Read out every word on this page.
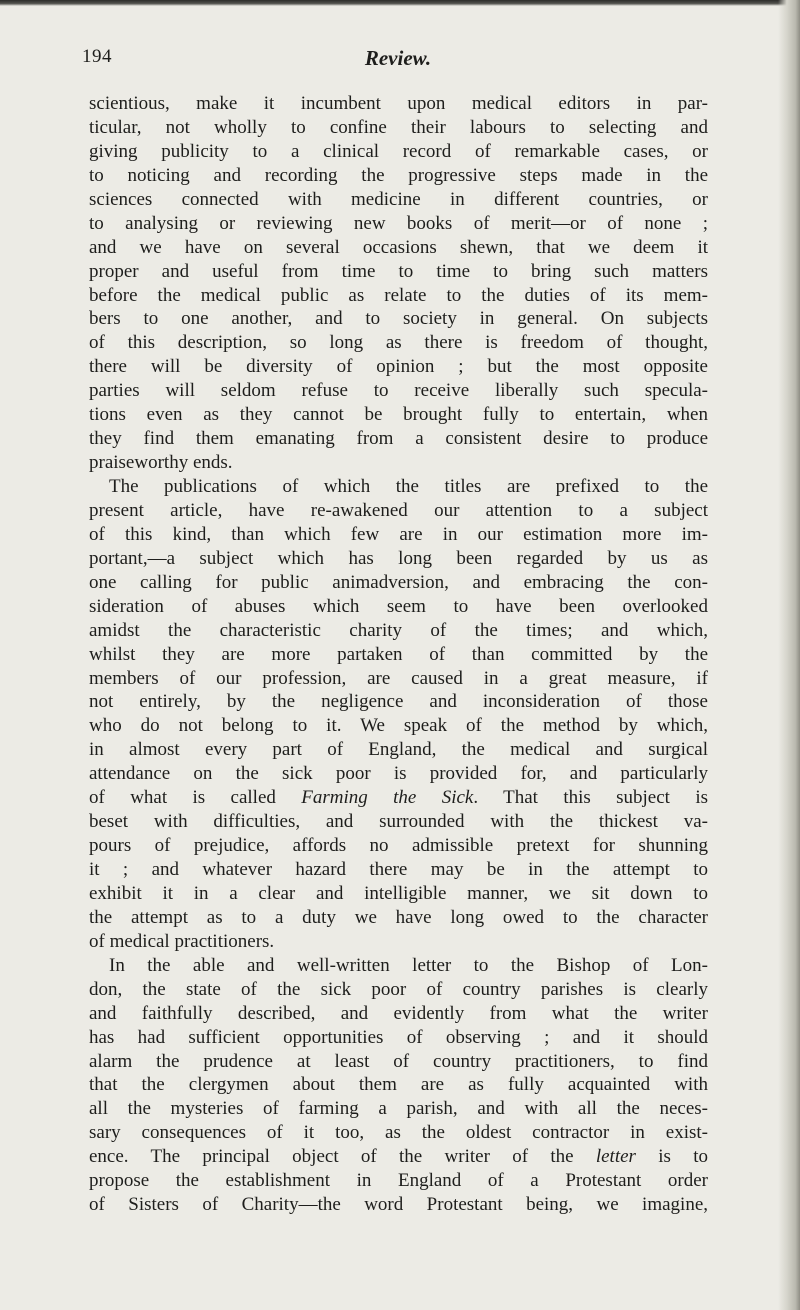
194	Review.
scientious, make it incumbent upon medical editors in par-
ticular, not wholly to confine their labours to selecting and
giving publicity to a clinical record of remarkable cases, or
to noticing and recording the progressive steps made in the
sciences connected with medicine in different countries, or
to analysing or reviewing new books of merit—or of none ;
and we have on several occasions shewn, that we deem it
proper and useful from time to time to bring such matters
before the medical public as relate to the duties of its mem-
bers to one another, and to society in general. On subjects
of this description, so long as there is freedom of thought,
there will be diversity of opinion ; but the most opposite
parties will seldom refuse to receive liberally such specula-
tions even as they cannot be brought fully to entertain, when
they find them emanating from a consistent desire to produce
praiseworthy ends.
The publications of which the titles are prefixed to the
present article, have re-awakened our attention to a subject
of this kind, than which few are in our estimation more im-
portant,—a subject which has long been regarded by us as
one calling for public animadversion, and embracing the con-
sideration of abuses which seem to have been overlooked
amidst the characteristic charity of the times; and which,
whilst they are more partaken of than committed by the
members of our profession, are caused in a great measure, if
not entirely, by the negligence and inconsideration of those
who do not belong to it. We speak of the method by which,
in almost every part of England, the medical and surgical
attendance on the sick poor is provided for, and particularly
of what is called Farming the Sick. That this subject is
beset with difficulties, and surrounded with the thickest va-
pours of prejudice, affords no admissible pretext for shunning
it ; and whatever hazard there may be in the attempt to
exhibit it in a clear and intelligible manner, we sit down to
the attempt as to a duty we have long owed to the character
of medical practitioners.
In the able and well-written letter to the Bishop of Lon-
don, the state of the sick poor of country parishes is clearly
and faithfully described, and evidently from what the writer
has had sufficient opportunities of observing ; and it should
alarm the prudence at least of country practitioners, to find
that the clergymen about them are as fully acquainted with
all the mysteries of farming a parish, and with all the neces-
sary consequences of it too, as the oldest contractor in exist-
ence. The principal object of the writer of the letter is to
propose the establishment in England of a Protestant order
of Sisters of Charity—the word Protestant being, we imagine,
